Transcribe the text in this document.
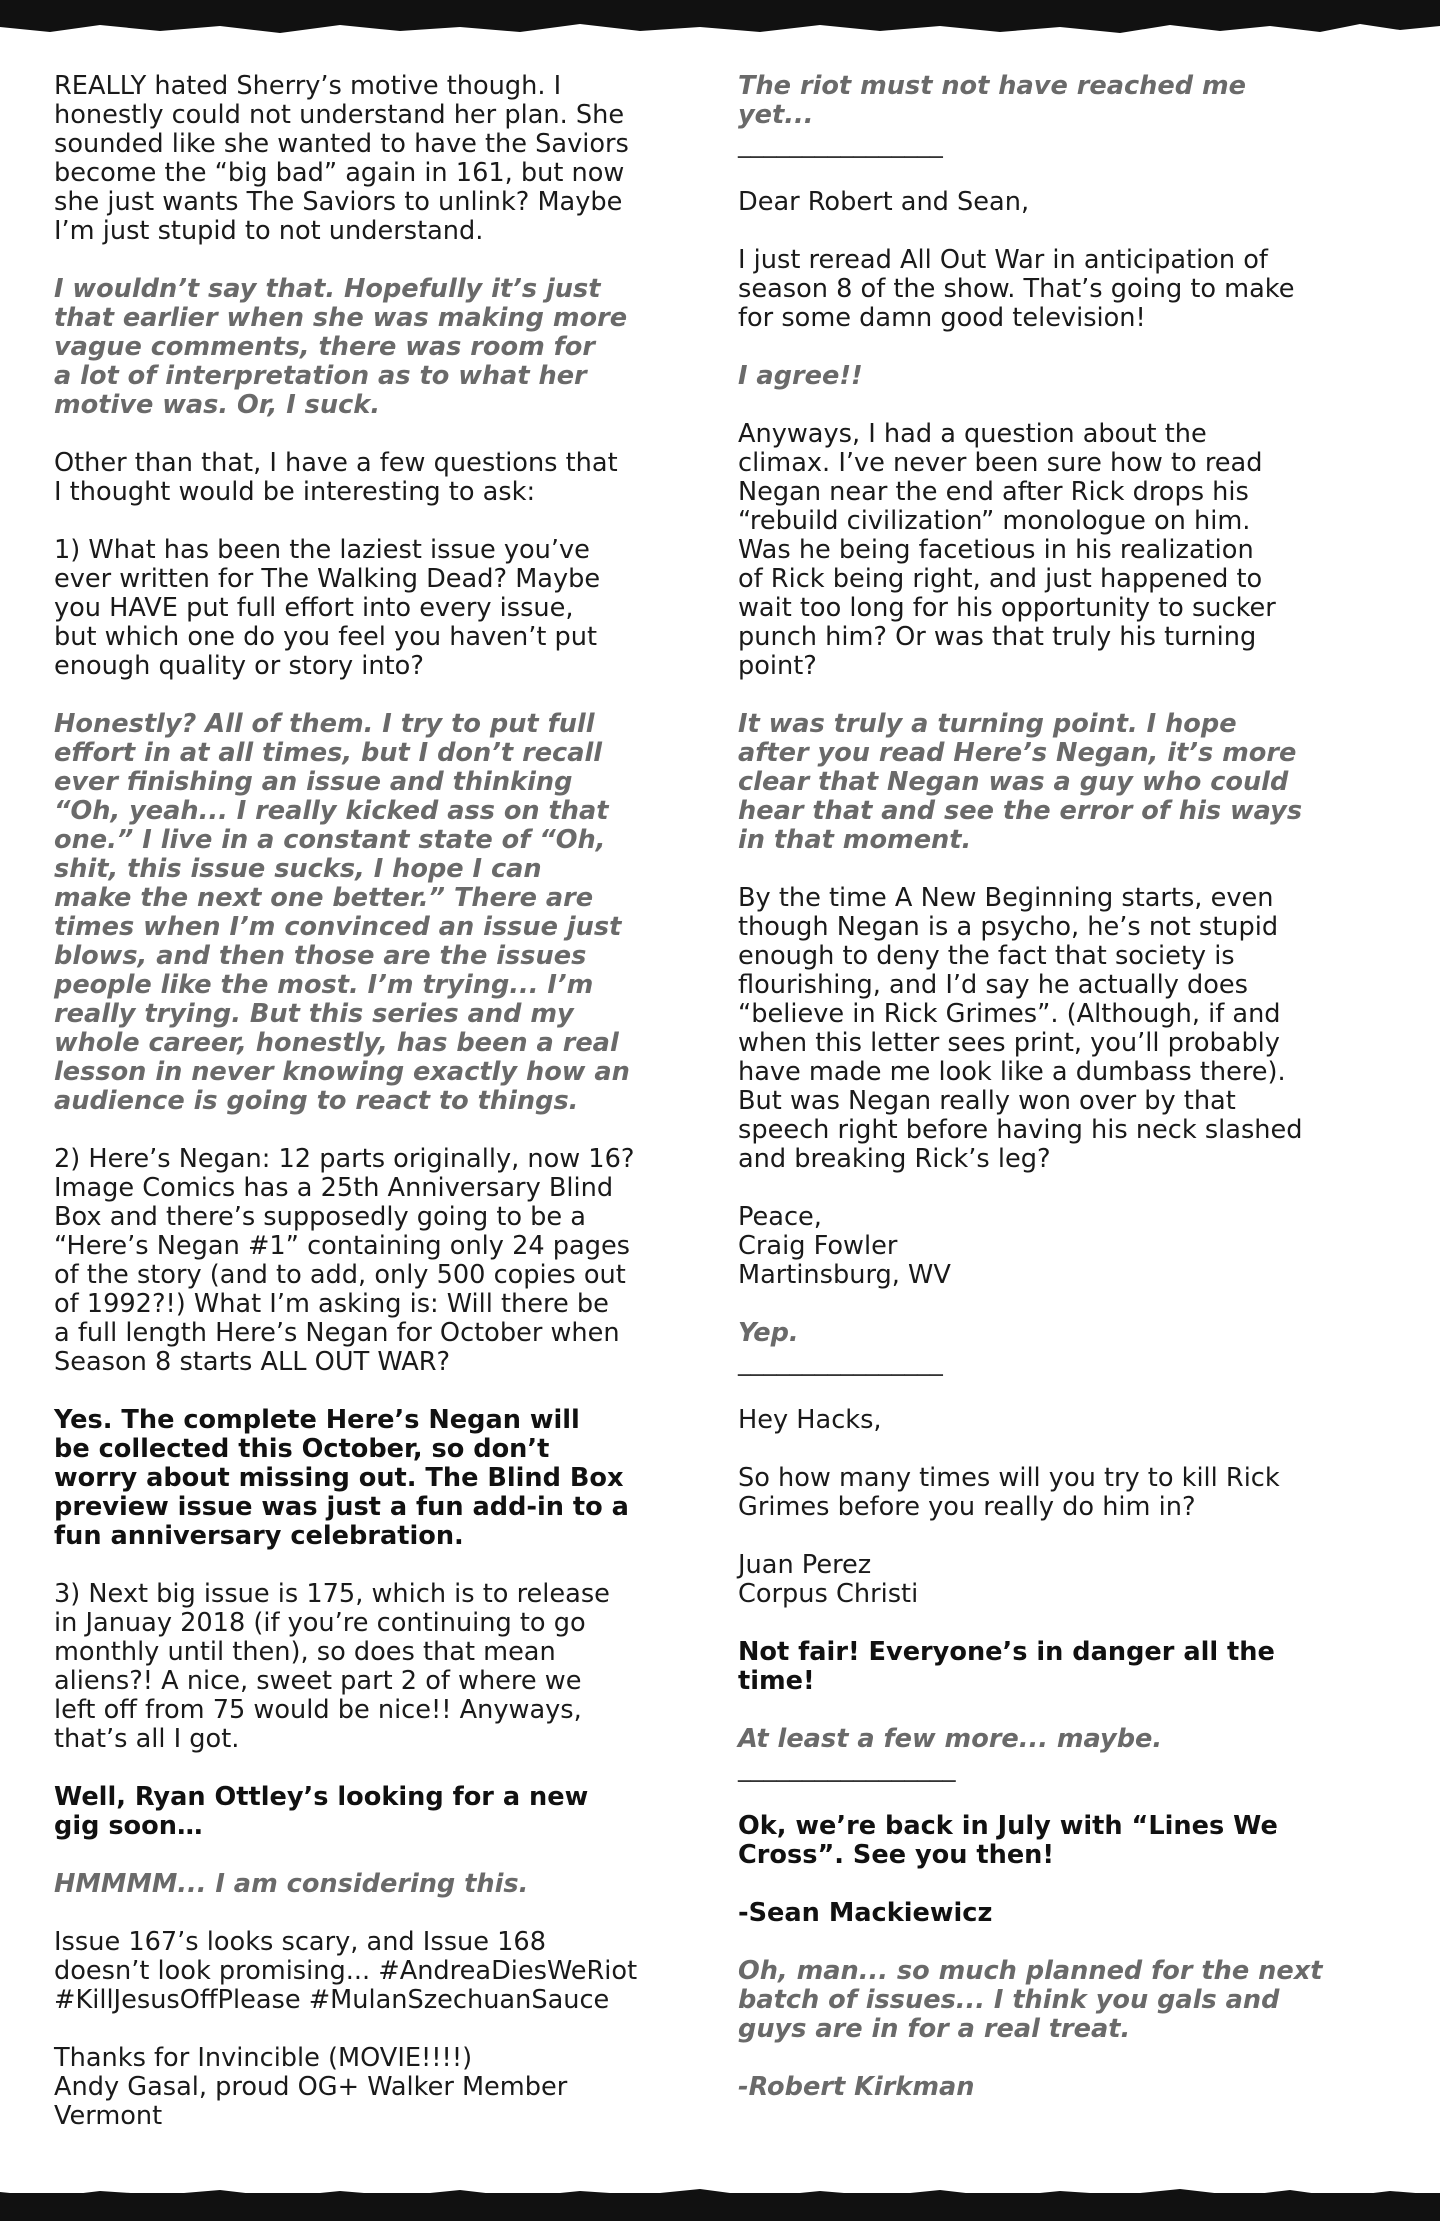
REALLY hated Sherry’s motive though. I
honestly could not understand her plan. She
sounded like she wanted to have the Saviors
become the “big bad” again in 161, but now
she just wants The Saviors to unlink? Maybe
I’m just stupid to not understand.

I wouldn’t say that. Hopefully it’s just
that earlier when she was making more
vague comments, there was room for
a lot of interpretation as to what her
motive was. Or, I suck.

Other than that, I have a few questions that
I thought would be interesting to ask:

1) What has been the laziest issue you’ve
ever written for The Walking Dead? Maybe
you HAVE put full effort into every issue,
but which one do you feel you haven’t put
enough quality or story into?

Honestly? All of them. I try to put full
effort in at all times, but I don’t recall
ever finishing an issue and thinking
“Oh, yeah... I really kicked ass on that
one.” I live in a constant state of “Oh,
shit, this issue sucks, I hope I can
make the next one better.” There are
times when I’m convinced an issue just
blows, and then those are the issues
people like the most. I’m trying... I’m
really trying. But this series and my
whole career, honestly, has been a real
lesson in never knowing exactly how an
audience is going to react to things.

2) Here’s Negan: 12 parts originally, now 16?
Image Comics has a 25th Anniversary Blind
Box and there’s supposedly going to be a
“Here’s Negan #1” containing only 24 pages
of the story (and to add, only 500 copies out
of 1992?!) What I’m asking is: Will there be
a full length Here’s Negan for October when
Season 8 starts ALL OUT WAR?

Yes. The complete Here’s Negan will
be collected this October, so don’t
worry about missing out. The Blind Box
preview issue was just a fun add-in to a
fun anniversary celebration.

3) Next big issue is 175, which is to release
in Januay 2018 (if you’re continuing to go
monthly until then), so does that mean
aliens?! A nice, sweet part 2 of where we
left off from 75 would be nice!! Anyways,
that’s all I got.

Well, Ryan Ottley’s looking for a new
gig soon…

HMMMM... I am considering this.

Issue 167’s looks scary, and Issue 168
doesn’t look promising... #AndreaDiesWeRiot
#KillJesusOffPlease #MulanSzechuanSauce

Thanks for Invincible (MOVIE!!!!)
Andy Gasal, proud OG+ Walker Member
Vermont

The riot must not have reached me
yet...

________________

Dear Robert and Sean,

I just reread All Out War in anticipation of
season 8 of the show. That’s going to make
for some damn good television!

I agree!!

Anyways, I had a question about the
climax. I’ve never been sure how to read
Negan near the end after Rick drops his
“rebuild civilization” monologue on him.
Was he being facetious in his realization
of Rick being right, and just happened to
wait too long for his opportunity to sucker
punch him? Or was that truly his turning
point?

It was truly a turning point. I hope
after you read Here’s Negan, it’s more
clear that Negan was a guy who could
hear that and see the error of his ways
in that moment.

By the time A New Beginning starts, even
though Negan is a psycho, he’s not stupid
enough to deny the fact that society is
flourishing, and I’d say he actually does
“believe in Rick Grimes”. (Although, if and
when this letter sees print, you’ll probably
have made me look like a dumbass there).
But was Negan really won over by that
speech right before having his neck slashed
and breaking Rick’s leg?

Peace,
Craig Fowler
Martinsburg, WV

Yep.

________________

Hey Hacks,

So how many times will you try to kill Rick
Grimes before you really do him in?

Juan Perez
Corpus Christi

Not fair! Everyone’s in danger all the
time!

At least a few more... maybe.

_________________

Ok, we’re back in July with “Lines We
Cross”. See you then!

-Sean Mackiewicz

Oh, man... so much planned for the next
batch of issues... I think you gals and
guys are in for a real treat.

-Robert Kirkman
